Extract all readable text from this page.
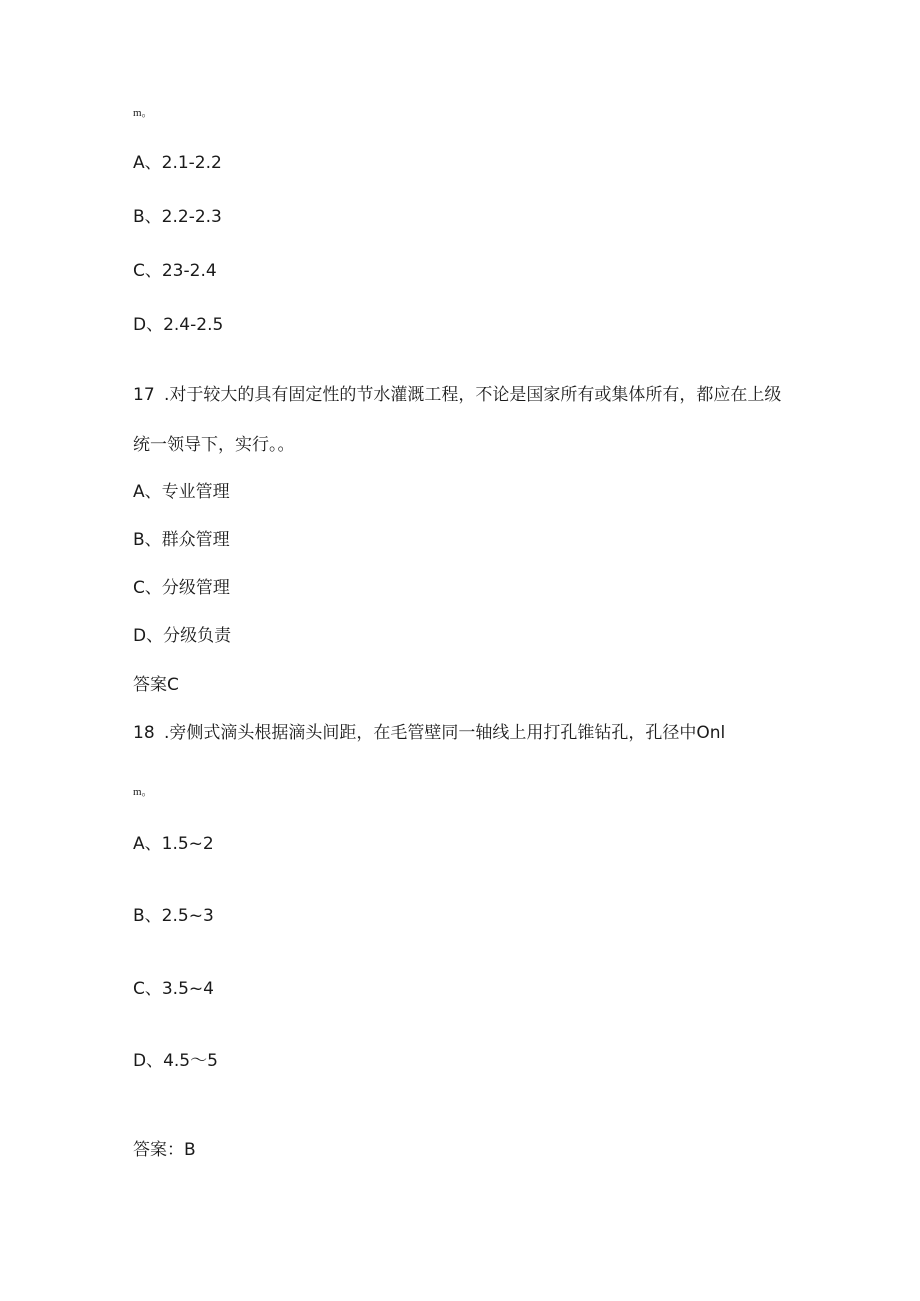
m。
A、2.1-2.2
B、2.2-2.3
C、23-2.4
D、2.4-2.5
17 .对于较大的具有固定性的节水灌溉工程，不论是国家所有或集体所有，都应在上级
统一领导下，实行。。
A、专业管理
B、群众管理
C、分级管理
D、分级负责
答案C
18 .旁侧式滴头根据滴头间距，在毛管壁同一轴线上用打孔锥钻孔，孔径中Onl
m。
A、1.5~2
B、2.5~3
C、3.5~4
D、4.5～5
答案：B
